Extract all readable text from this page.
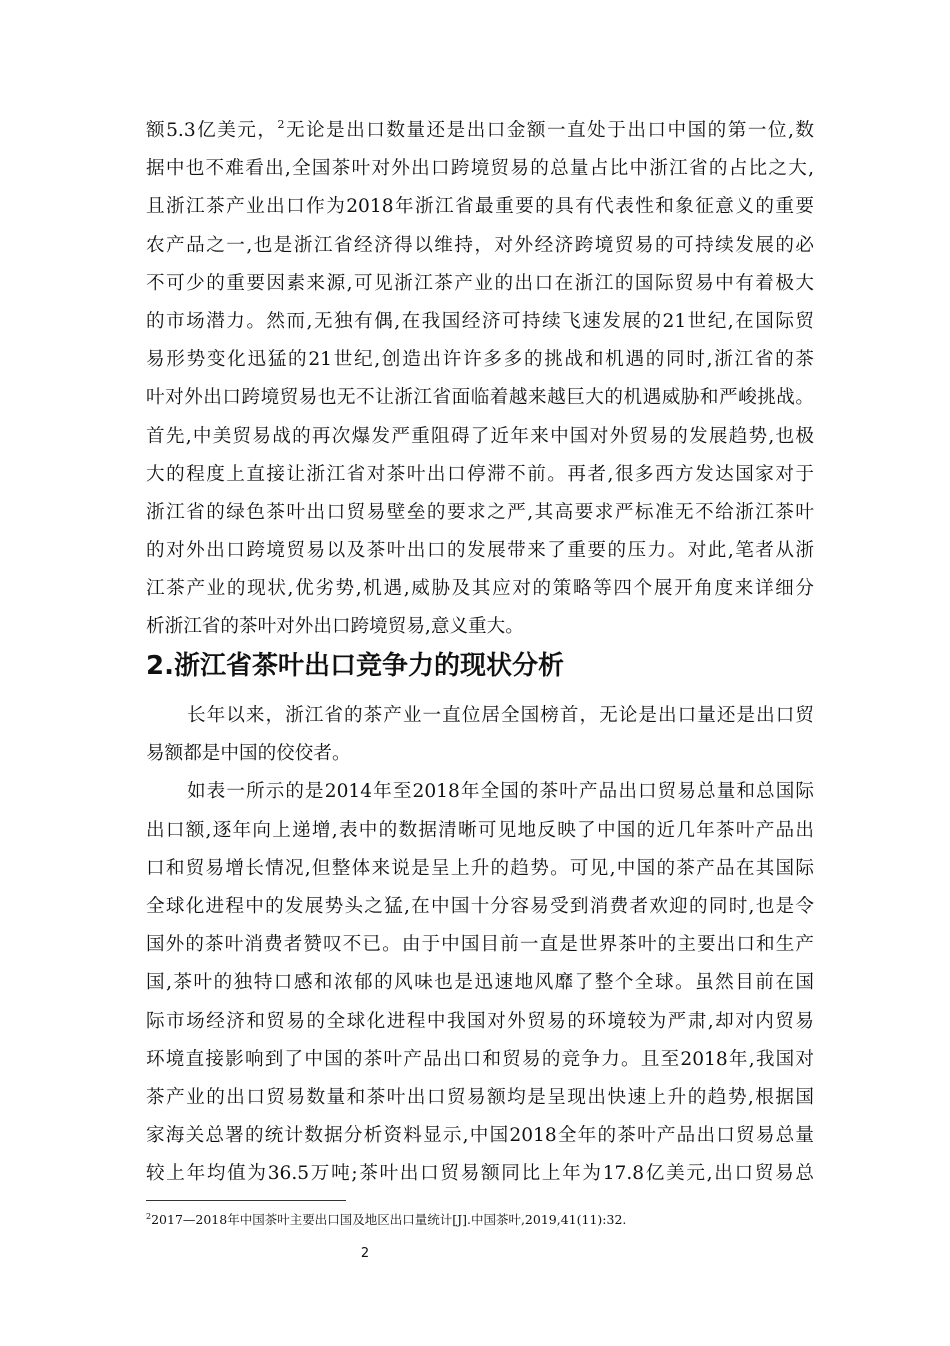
额5.3亿美元，$^2$无论是出口数量还是出口金额一直处于出口中国的第一位,数
据中也不难看出,全国茶叶对外出口跨境贸易的总量占比中浙江省的占比之大,
且浙江茶产业出口作为2018年浙江省最重要的具有代表性和象征意义的重要
农产品之一,也是浙江省经济得以维持，对外经济跨境贸易的可持续发展的必
不可少的重要因素来源,可见浙江茶产业的出口在浙江的国际贸易中有着极大
的市场潜力。然而,无独有偶,在我国经济可持续飞速发展的21世纪,在国际贸
易形势变化迅猛的21世纪,创造出许许多多的挑战和机遇的同时,浙江省的茶
叶对外出口跨境贸易也无不让浙江省面临着越来越巨大的机遇威胁和严峻挑战。
首先,中美贸易战的再次爆发严重阻碍了近年来中国对外贸易的发展趋势,也极
大的程度上直接让浙江省对茶叶出口停滞不前。再者,很多西方发达国家对于
浙江省的绿色茶叶出口贸易壁垒的要求之严,其高要求严标准无不给浙江茶叶
的对外出口跨境贸易以及茶叶出口的发展带来了重要的压力。对此,笔者从浙
江茶产业的现状,优劣势,机遇,威胁及其应对的策略等四个展开角度来详细分
析浙江省的茶叶对外出口跨境贸易,意义重大。
2.浙江省茶叶出口竞争力的现状分析
长年以来，浙江省的茶产业一直位居全国榜首，无论是出口量还是出口贸
易额都是中国的佼佼者。
如表一所示的是2014年至2018年全国的茶叶产品出口贸易总量和总国际
出口额,逐年向上递增,表中的数据清晰可见地反映了中国的近几年茶叶产品出
口和贸易增长情况,但整体来说是呈上升的趋势。可见,中国的茶产品在其国际
全球化进程中的发展势头之猛,在中国十分容易受到消费者欢迎的同时,也是令
国外的茶叶消费者赞叹不已。由于中国目前一直是世界茶叶的主要出口和生产
国,茶叶的独特口感和浓郁的风味也是迅速地风靡了整个全球。虽然目前在国
际市场经济和贸易的全球化进程中我国对外贸易的环境较为严肃,却对内贸易
环境直接影响到了中国的茶叶产品出口和贸易的竞争力。且至2018年,我国对
茶产业的出口贸易数量和茶叶出口贸易额均是呈现出快速上升的趋势,根据国
家海关总署的统计数据分析资料显示,中国2018全年的茶叶产品出口贸易总量
较上年均值为36.5万吨;茶叶出口贸易额同比上年为17.8亿美元,出口贸易总
$^2$2017—2018年中国茶叶主要出口国及地区出口量统计[J].中国茶叶,2019,41(11):32.
2
